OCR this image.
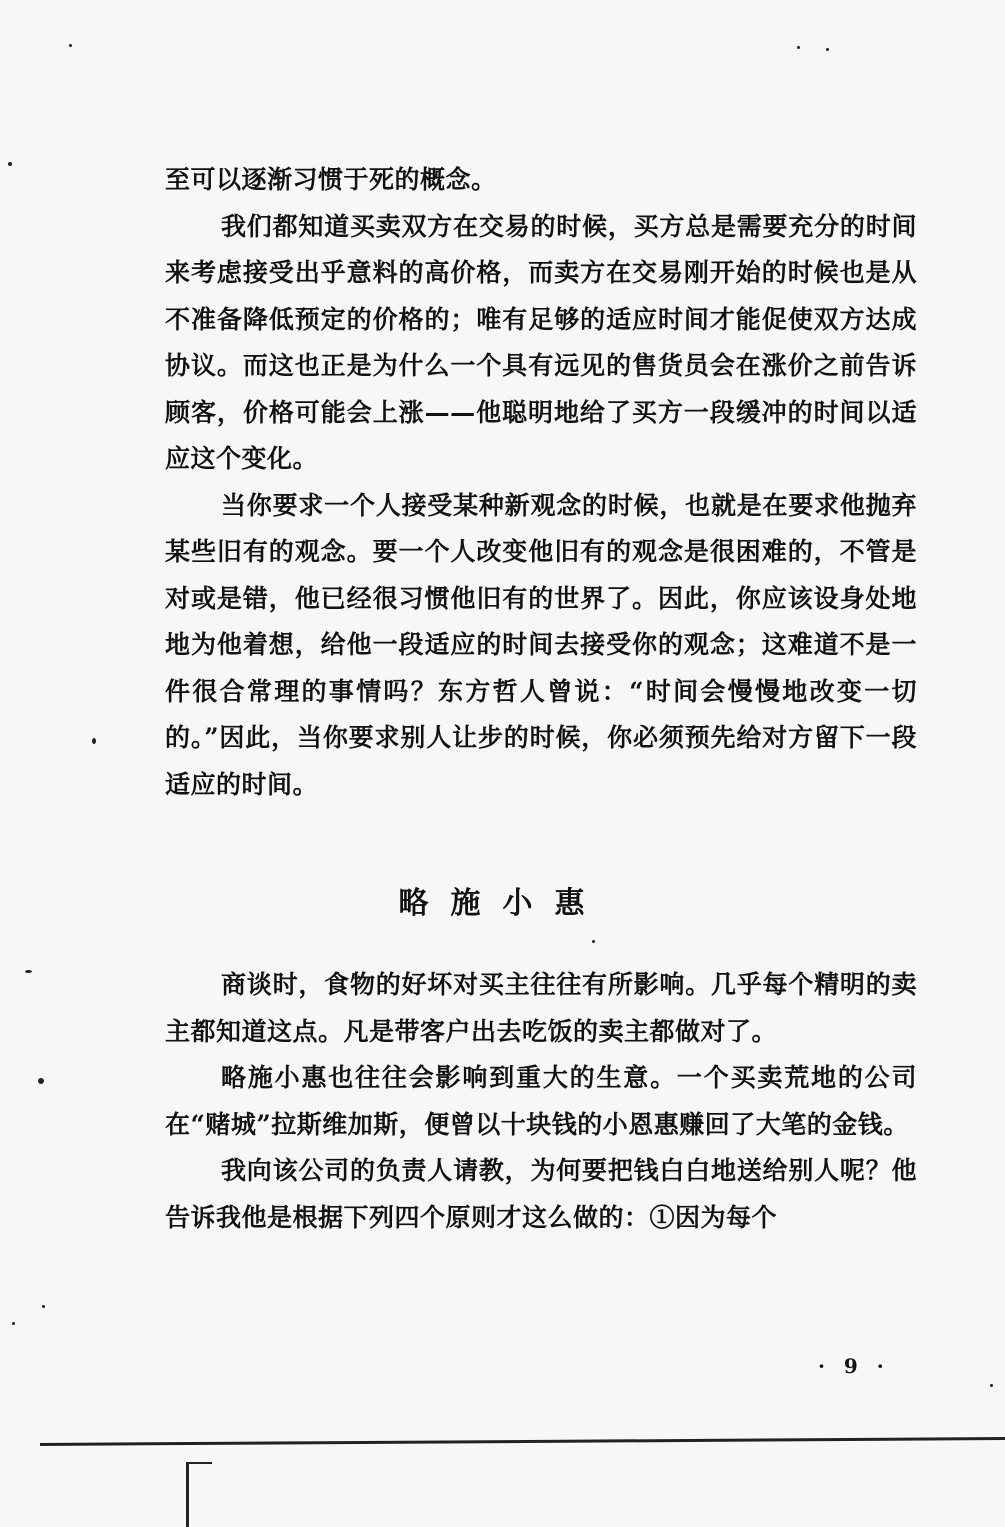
至可以逐渐习惯于死的概念。

我们都知道买卖双方在交易的时候，买方总是需要充分的时间来考虑接受出乎意料的高价格，而卖方在交易刚开始的时候也是从不准备降低预定的价格的；唯有足够的适应时间才能促使双方达成协议。而这也正是为什么一个具有远见的售货员会在涨价之前告诉顾客，价格可能会上涨——他聪明地给了买方一段缓冲的时间以适应这个变化。

当你要求一个人接受某种新观念的时候，也就是在要求他抛弃某些旧有的观念。要一个人改变他旧有的观念是很困难的，不管是对或是错，他已经很习惯他旧有的世界了。因此，你应该设身处地地为他着想，给他一段适应的时间去接受你的观念；这难道不是一件很合常理的事情吗？东方哲人曾说：“时间会慢慢地改变一切的。”因此，当你要求别人让步的时候，你必须预先给对方留下一段适应的时间。

略施小惠

商谈时，食物的好坏对买主往往有所影响。几乎每个精明的卖主都知道这点。凡是带客户出去吃饭的卖主都做对了。

略施小惠也往往会影响到重大的生意。一个买卖荒地的公司在“赌城”拉斯维加斯，便曾以十块钱的小恩惠赚回了大笔的金钱。

我向该公司的负责人请教，为何要把钱白白地送给别人呢？他告诉我他是根据下列四个原则才这么做的：①因为每个

· 9 ·
